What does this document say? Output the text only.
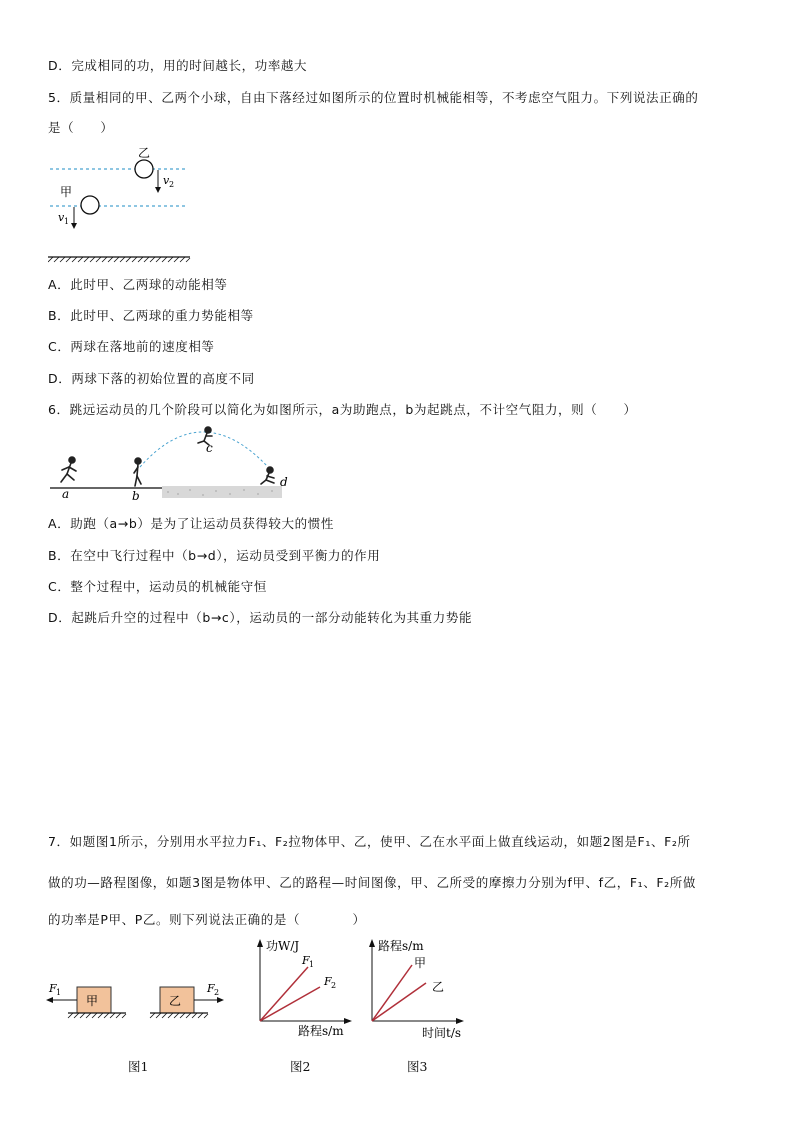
D．完成相同的功，用的时间越长，功率越大
5．质量相同的甲、乙两个小球，自由下落经过如图所示的位置时机械能相等，不考虑空气阻力。下列说法正确的
是（　　）
乙
v 2
甲
v 1
A．此时甲、乙两球的动能相等
B．此时甲、乙两球的重力势能相等
C．两球在落地前的速度相等
D．两球下落的初始位置的高度不同
6．跳远运动员的几个阶段可以简化为如图所示，a为助跑点，b为起跳点，不计空气阻力，则（　　）
a	b
c
d
A．助跑（a→b）是为了让运动员获得较大的惯性
B．在空中飞行过程中（b→d），运动员受到平衡力的作用
C．整个过程中，运动员的机械能守恒
D．起跳后升空的过程中（b→c），运动员的一部分动能转化为其重力势能
7．如题图1所示，分别用水平拉力F₁、F₂拉物体甲、乙，使甲、乙在水平面上做直线运动，如题2图是F₁、F₂所
做的功—路程图像，如题3图是物体甲、乙的路程—时间图像，甲、乙所受的摩擦力分别为f甲、f乙，F₁、F₂所做
的功率是P甲、P乙。则下列说法正确的是（　　　　）
甲
F 1
乙
F 2
图1
功W/J
路程s/m
F 1
F 2
图2
路程s/m
时间t/s
甲
乙
图3
